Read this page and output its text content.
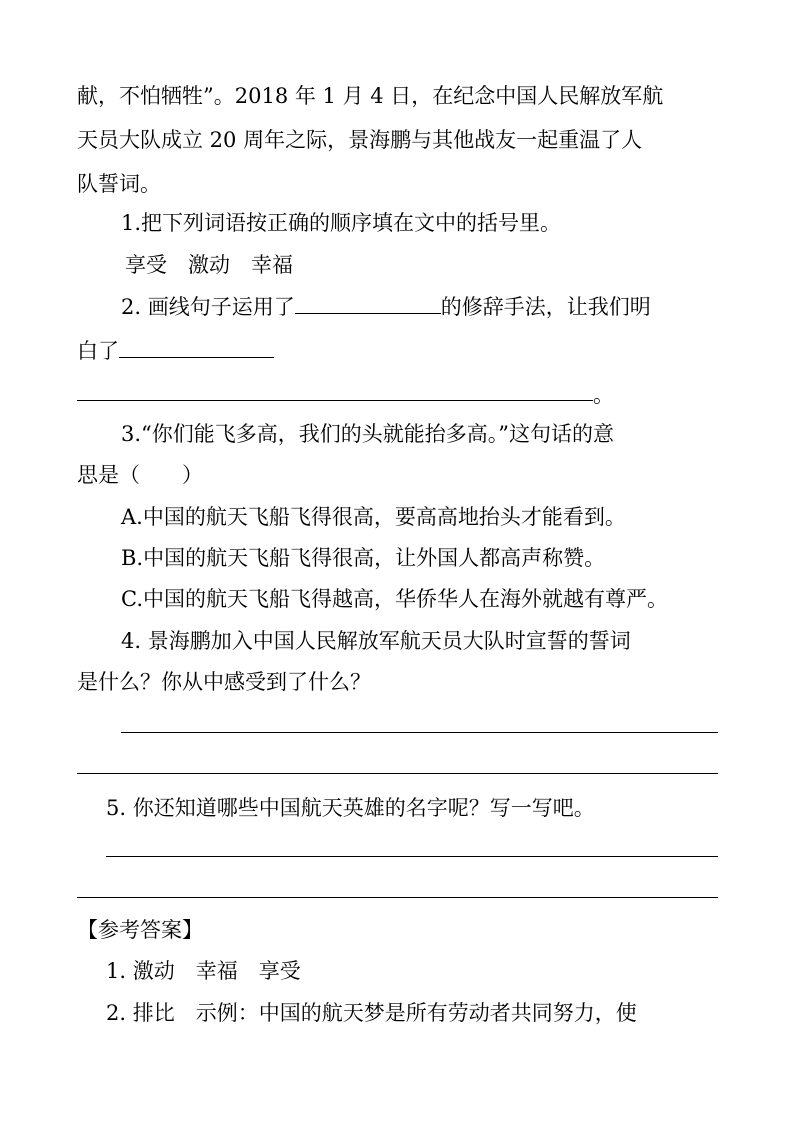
献，不怕牺牲”。2018 年 1 月 4 日，在纪念中国人民解放军航
天员大队成立 20 周年之际，景海鹏与其他战友一起重温了人
队誓词。
1.把下列词语按正确的顺序填在文中的括号里。
享受　激动　幸福
2. 画线句子运用了	的修辞手法，让我们明
白了
。
3.“你们能飞多高，我们的头就能抬多高。”这句话的意
思是（　　）
A.中国的航天飞船飞得很高，要高高地抬头才能看到。
B.中国的航天飞船飞得很高，让外国人都高声称赞。
C.中国的航天飞船飞得越高，华侨华人在海外就越有尊严。
4. 景海鹏加入中国人民解放军航天员大队时宣誓的誓词
是什么？你从中感受到了什么？
5. 你还知道哪些中国航天英雄的名字呢？写一写吧。
【参考答案】
1. 激动　幸福　享受
2. 排比　示例：中国的航天梦是所有劳动者共同努力，使
